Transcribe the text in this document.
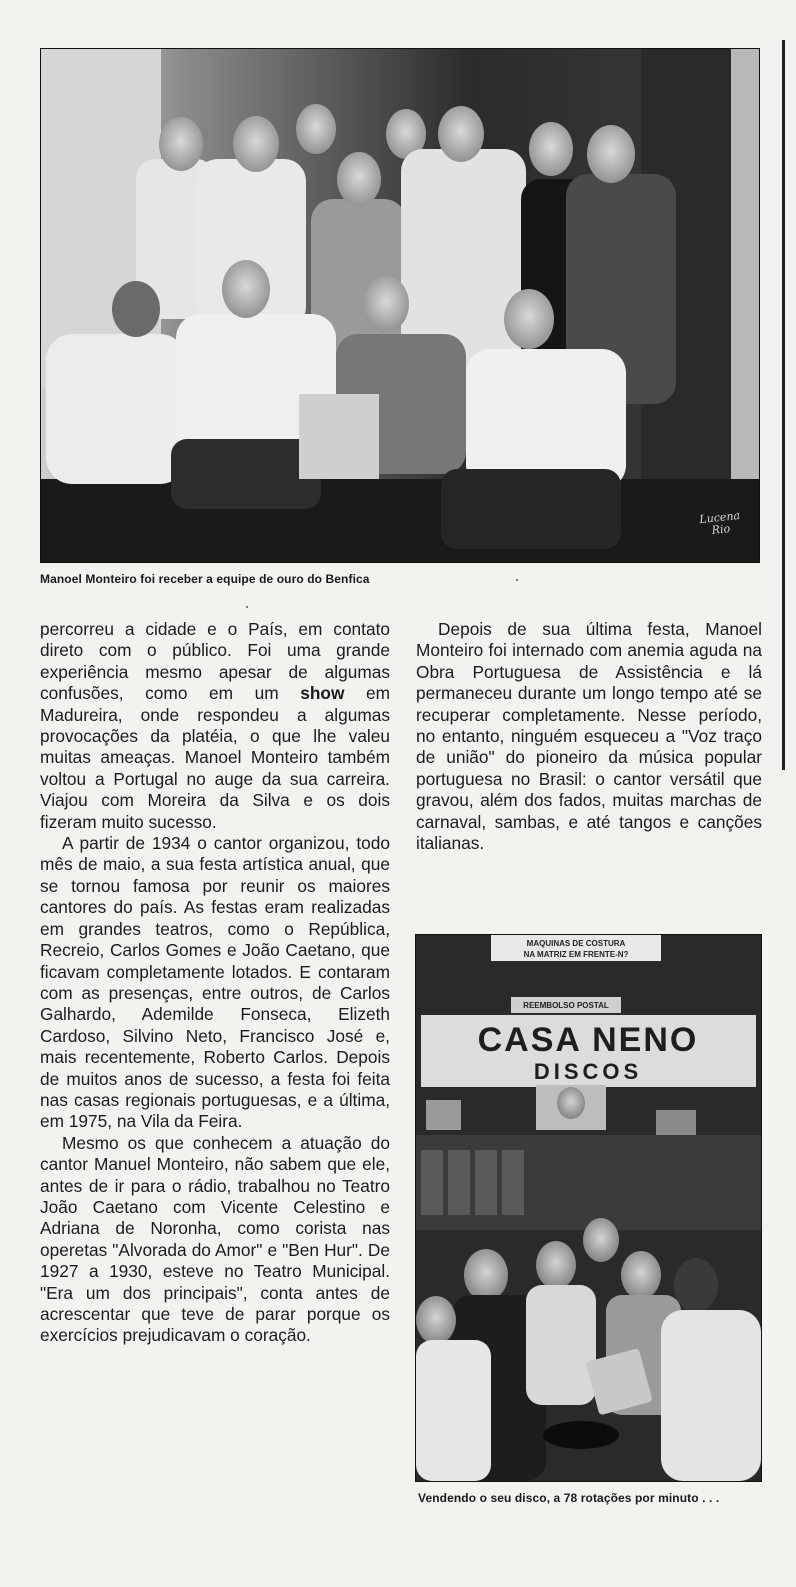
Lucena
Rio
Manoel Monteiro foi receber a equipe de ouro do Benfica

percorreu a cidade e o País, em contato direto com o público. Foi uma grande experiência mesmo apesar de algumas confusões, como em um show em Madureira, onde respondeu a algumas provocações da platéia, o que lhe valeu muitas ameaças. Manoel Monteiro também voltou a Portugal no auge da sua carreira. Viajou com Moreira da Silva e os dois fizeram muito sucesso.

A partir de 1934 o cantor organizou, todo mês de maio, a sua festa artística anual, que se tornou famosa por reunir os maiores cantores do país. As festas eram realizadas em grandes teatros, como o República, Recreio, Carlos Gomes e João Caetano, que ficavam completamente lotados. E contaram com as presenças, entre outros, de Carlos Galhardo, Ademilde Fonseca, Elizeth Cardoso, Silvino Neto, Francisco José e, mais recentemente, Roberto Carlos. Depois de muitos anos de sucesso, a festa foi feita nas casas regionais portuguesas, e a última, em 1975, na Vila da Feira.

Mesmo os que conhecem a atuação do cantor Manuel Monteiro, não sabem que ele, antes de ir para o rádio, trabalhou no Teatro João Caetano com Vicente Celestino e Adriana de Noronha, como corista nas operetas "Alvorada do Amor" e "Ben Hur". De 1927 a 1930, esteve no Teatro Municipal. "Era um dos principais", conta antes de acrescentar que teve de parar porque os exercícios prejudicavam o coração.

Depois de sua última festa, Manoel Monteiro foi internado com anemia aguda na Obra Portuguesa de Assistência e lá permaneceu durante um longo tempo até se recuperar completamente. Nesse período, no entanto, ninguém esqueceu a "Voz traço de união" do pioneiro da música popular portuguesa no Brasil: o cantor versátil que gravou, além dos fados, muitas marchas de carnaval, sambas, e até tangos e canções italianas.

MAQUINAS DE COSTURA
NA MATRIZ EM FRENTE-N?
REEMBOLSO POSTAL
CASA NENO
DISCOS
Vendendo o seu disco, a 78 rotações por minuto . . .
